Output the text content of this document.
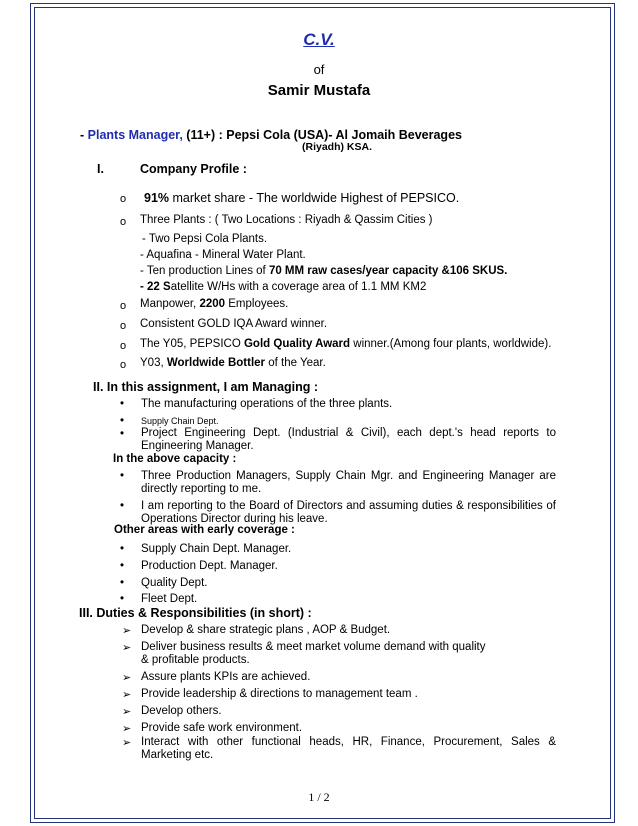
C.V.
of
Samir Mustafa
- Plants Manager, (11+) : Pepsi Cola (USA)- Al Jomaih Beverages
(Riyadh) KSA.
I.	Company Profile :
o 91% market share - The worldwide Highest of PEPSICO.
o Three Plants : ( Two Locations : Riyadh & Qassim Cities )
- Two Pepsi Cola Plants.
- Aquafina - Mineral Water Plant.
- Ten production Lines of 70 MM raw cases/year capacity &106 SKUS.
- 22 Satellite W/Hs with a coverage area of 1.1 MM KM2
o Manpower, 2200 Employees.
o Consistent GOLD IQA Award winner.
o The Y05, PEPSICO Gold Quality Award winner.(Among four plants, worldwide).
o Y03, Worldwide Bottler of the Year.
II. In this assignment, I am Managing :
• The manufacturing operations of the three plants.
• Supply Chain Dept.
• Project Engineering Dept. (Industrial & Civil), each dept.'s head reports to Engineering Manager.
In the above capacity :
• Three Production Managers, Supply Chain Mgr. and Engineering Manager are directly reporting to me.
• I am reporting to the Board of Directors and assuming duties & responsibilities of Operations Director during his leave.
Other areas with early coverage :
• Supply Chain Dept. Manager.
• Production Dept. Manager.
• Quality Dept.
• Fleet Dept.
III. Duties & Responsibilities (in short) :
➢ Develop & share strategic plans , AOP & Budget.
➢ Deliver business results & meet market volume demand with quality
& profitable products.
➢ Assure plants KPIs are achieved.
➢ Provide leadership & directions to management team .
➢ Develop others.
➢ Provide safe work environment.
➢ Interact with other functional heads, HR, Finance, Procurement, Sales & Marketing etc.
1 / 2
